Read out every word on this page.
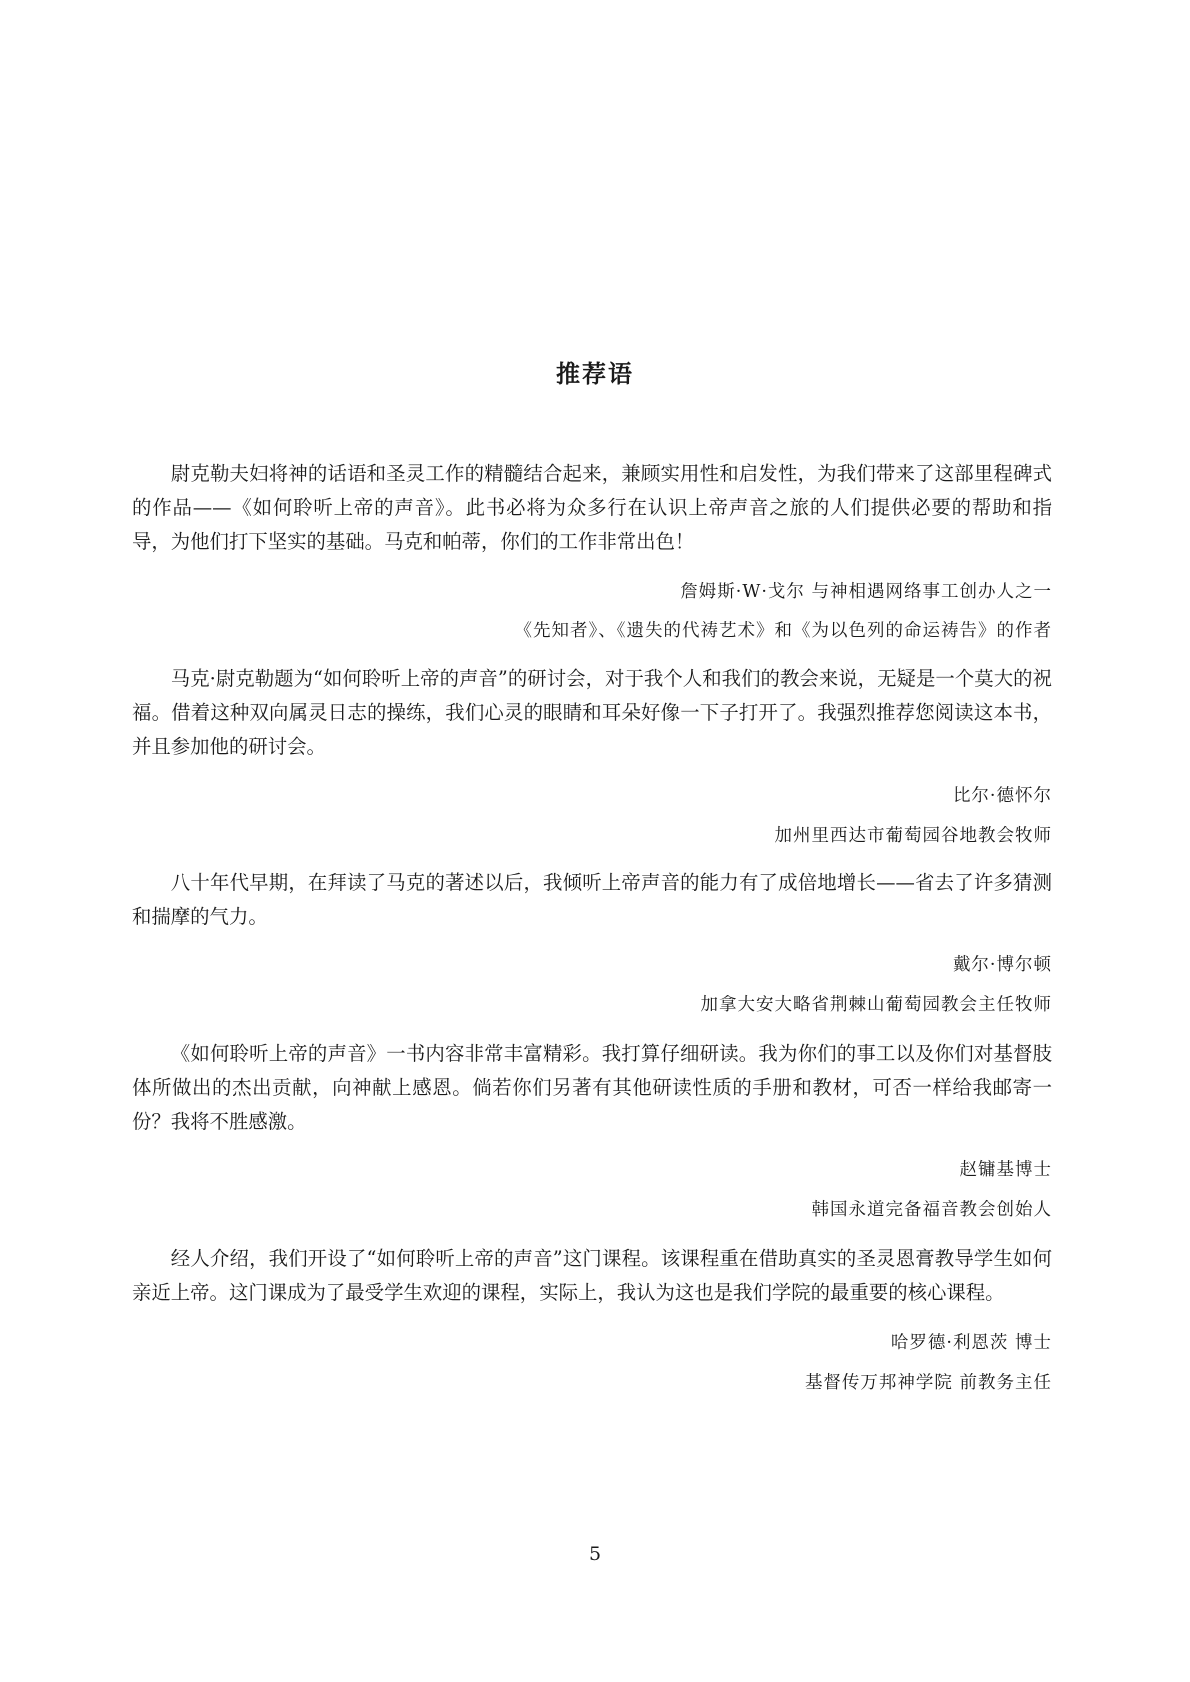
推荐语

尉克勒夫妇将神的话语和圣灵工作的精髓结合起来，兼顾实用性和启发性，为我们带来了这部里程碑式的作品——《如何聆听上帝的声音》。此书必将为众多行在认识上帝声音之旅的人们提供必要的帮助和指导，为他们打下坚实的基础。马克和帕蒂，你们的工作非常出色！

詹姆斯·W·戈尔 与神相遇网络事工创办人之一
《先知者》、《遗失的代祷艺术》和《为以色列的命运祷告》的作者

马克·尉克勒题为“如何聆听上帝的声音”的研讨会，对于我个人和我们的教会来说，无疑是一个莫大的祝福。借着这种双向属灵日志的操练，我们心灵的眼睛和耳朵好像一下子打开了。我强烈推荐您阅读这本书，并且参加他的研讨会。

比尔·德怀尔
加州里西达市葡萄园谷地教会牧师

八十年代早期，在拜读了马克的著述以后，我倾听上帝声音的能力有了成倍地增长——省去了许多猜测和揣摩的气力。

戴尔·博尔顿
加拿大安大略省荆棘山葡萄园教会主任牧师

《如何聆听上帝的声音》一书内容非常丰富精彩。我打算仔细研读。我为你们的事工以及你们对基督肢体所做出的杰出贡献，向神献上感恩。倘若你们另著有其他研读性质的手册和教材，可否一样给我邮寄一份？我将不胜感激。

赵镛基博士
韩国永道完备福音教会创始人

经人介绍，我们开设了“如何聆听上帝的声音”这门课程。该课程重在借助真实的圣灵恩膏教导学生如何亲近上帝。这门课成为了最受学生欢迎的课程，实际上，我认为这也是我们学院的最重要的核心课程。

哈罗德·利恩茨 博士
基督传万邦神学院 前教务主任
5
